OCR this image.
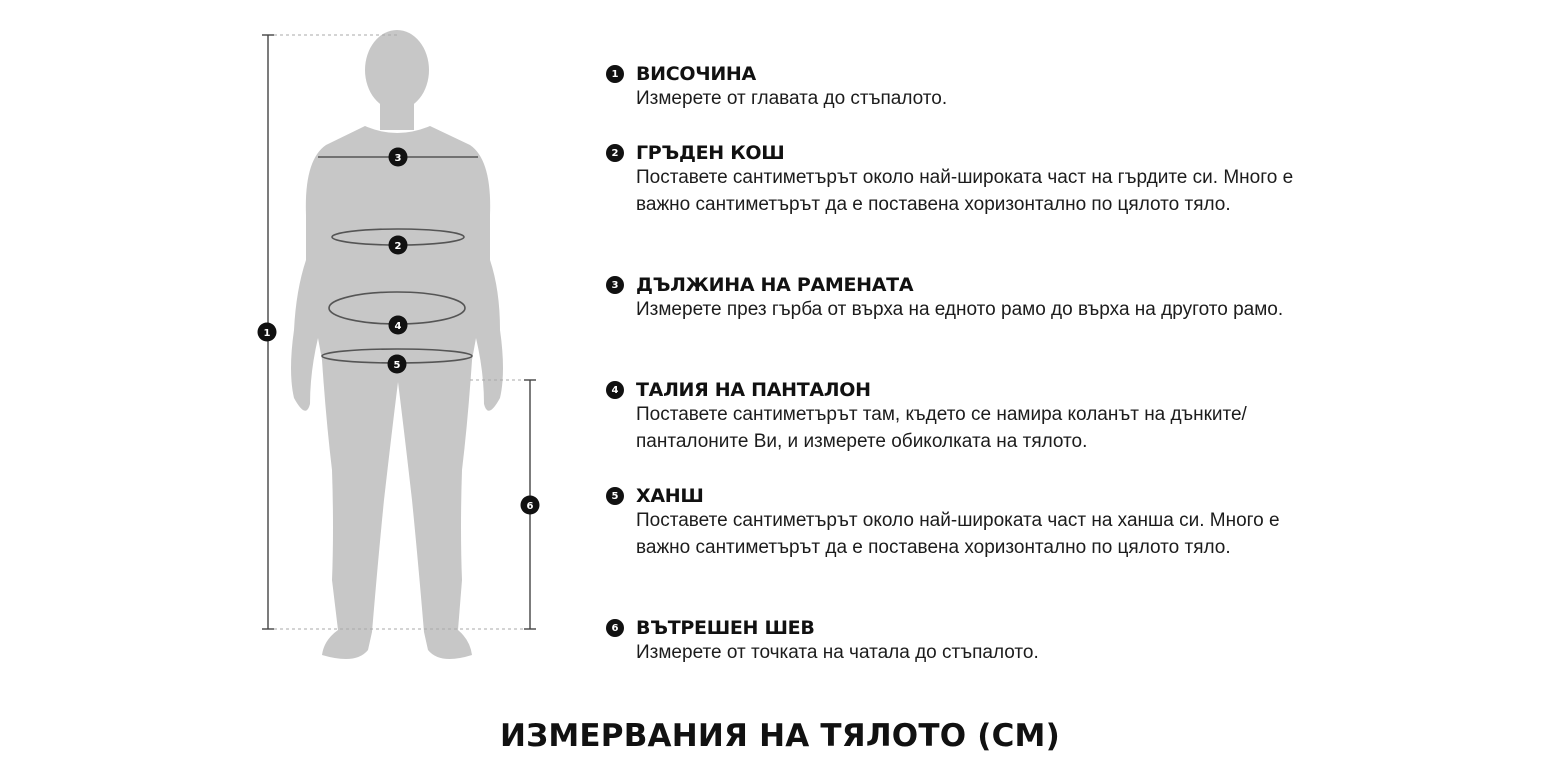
1
3
2
4
5
6
1 ВИСОЧИНА
Измерете от главата до стъпалото.
2 ГРЪДЕН КОШ
Поставете сантиметърът около най-широката част на гърдите си. Много е важно сантиметърът да е поставена хоризонтално по цялото тяло.
3 ДЪЛЖИНА НА РАМЕНАТА
Измерете през гърба от върха на едното рамо до върха на другото рамо.
4 ТАЛИЯ НА ПАНТАЛОН
Поставете сантиметърът там, където се намира коланът на дънките/панталоните Ви, и измерете обиколката на тялото.
5 ХАНШ
Поставете сантиметърът около най-широката част на ханша си. Много е важно сантиметърът да е поставена хоризонтално по цялото тяло.
6 ВЪТРЕШЕН ШЕВ
Измерете от точката на чатала до стъпалото.
ИЗМЕРВАНИЯ НА ТЯЛОТО (СМ)
